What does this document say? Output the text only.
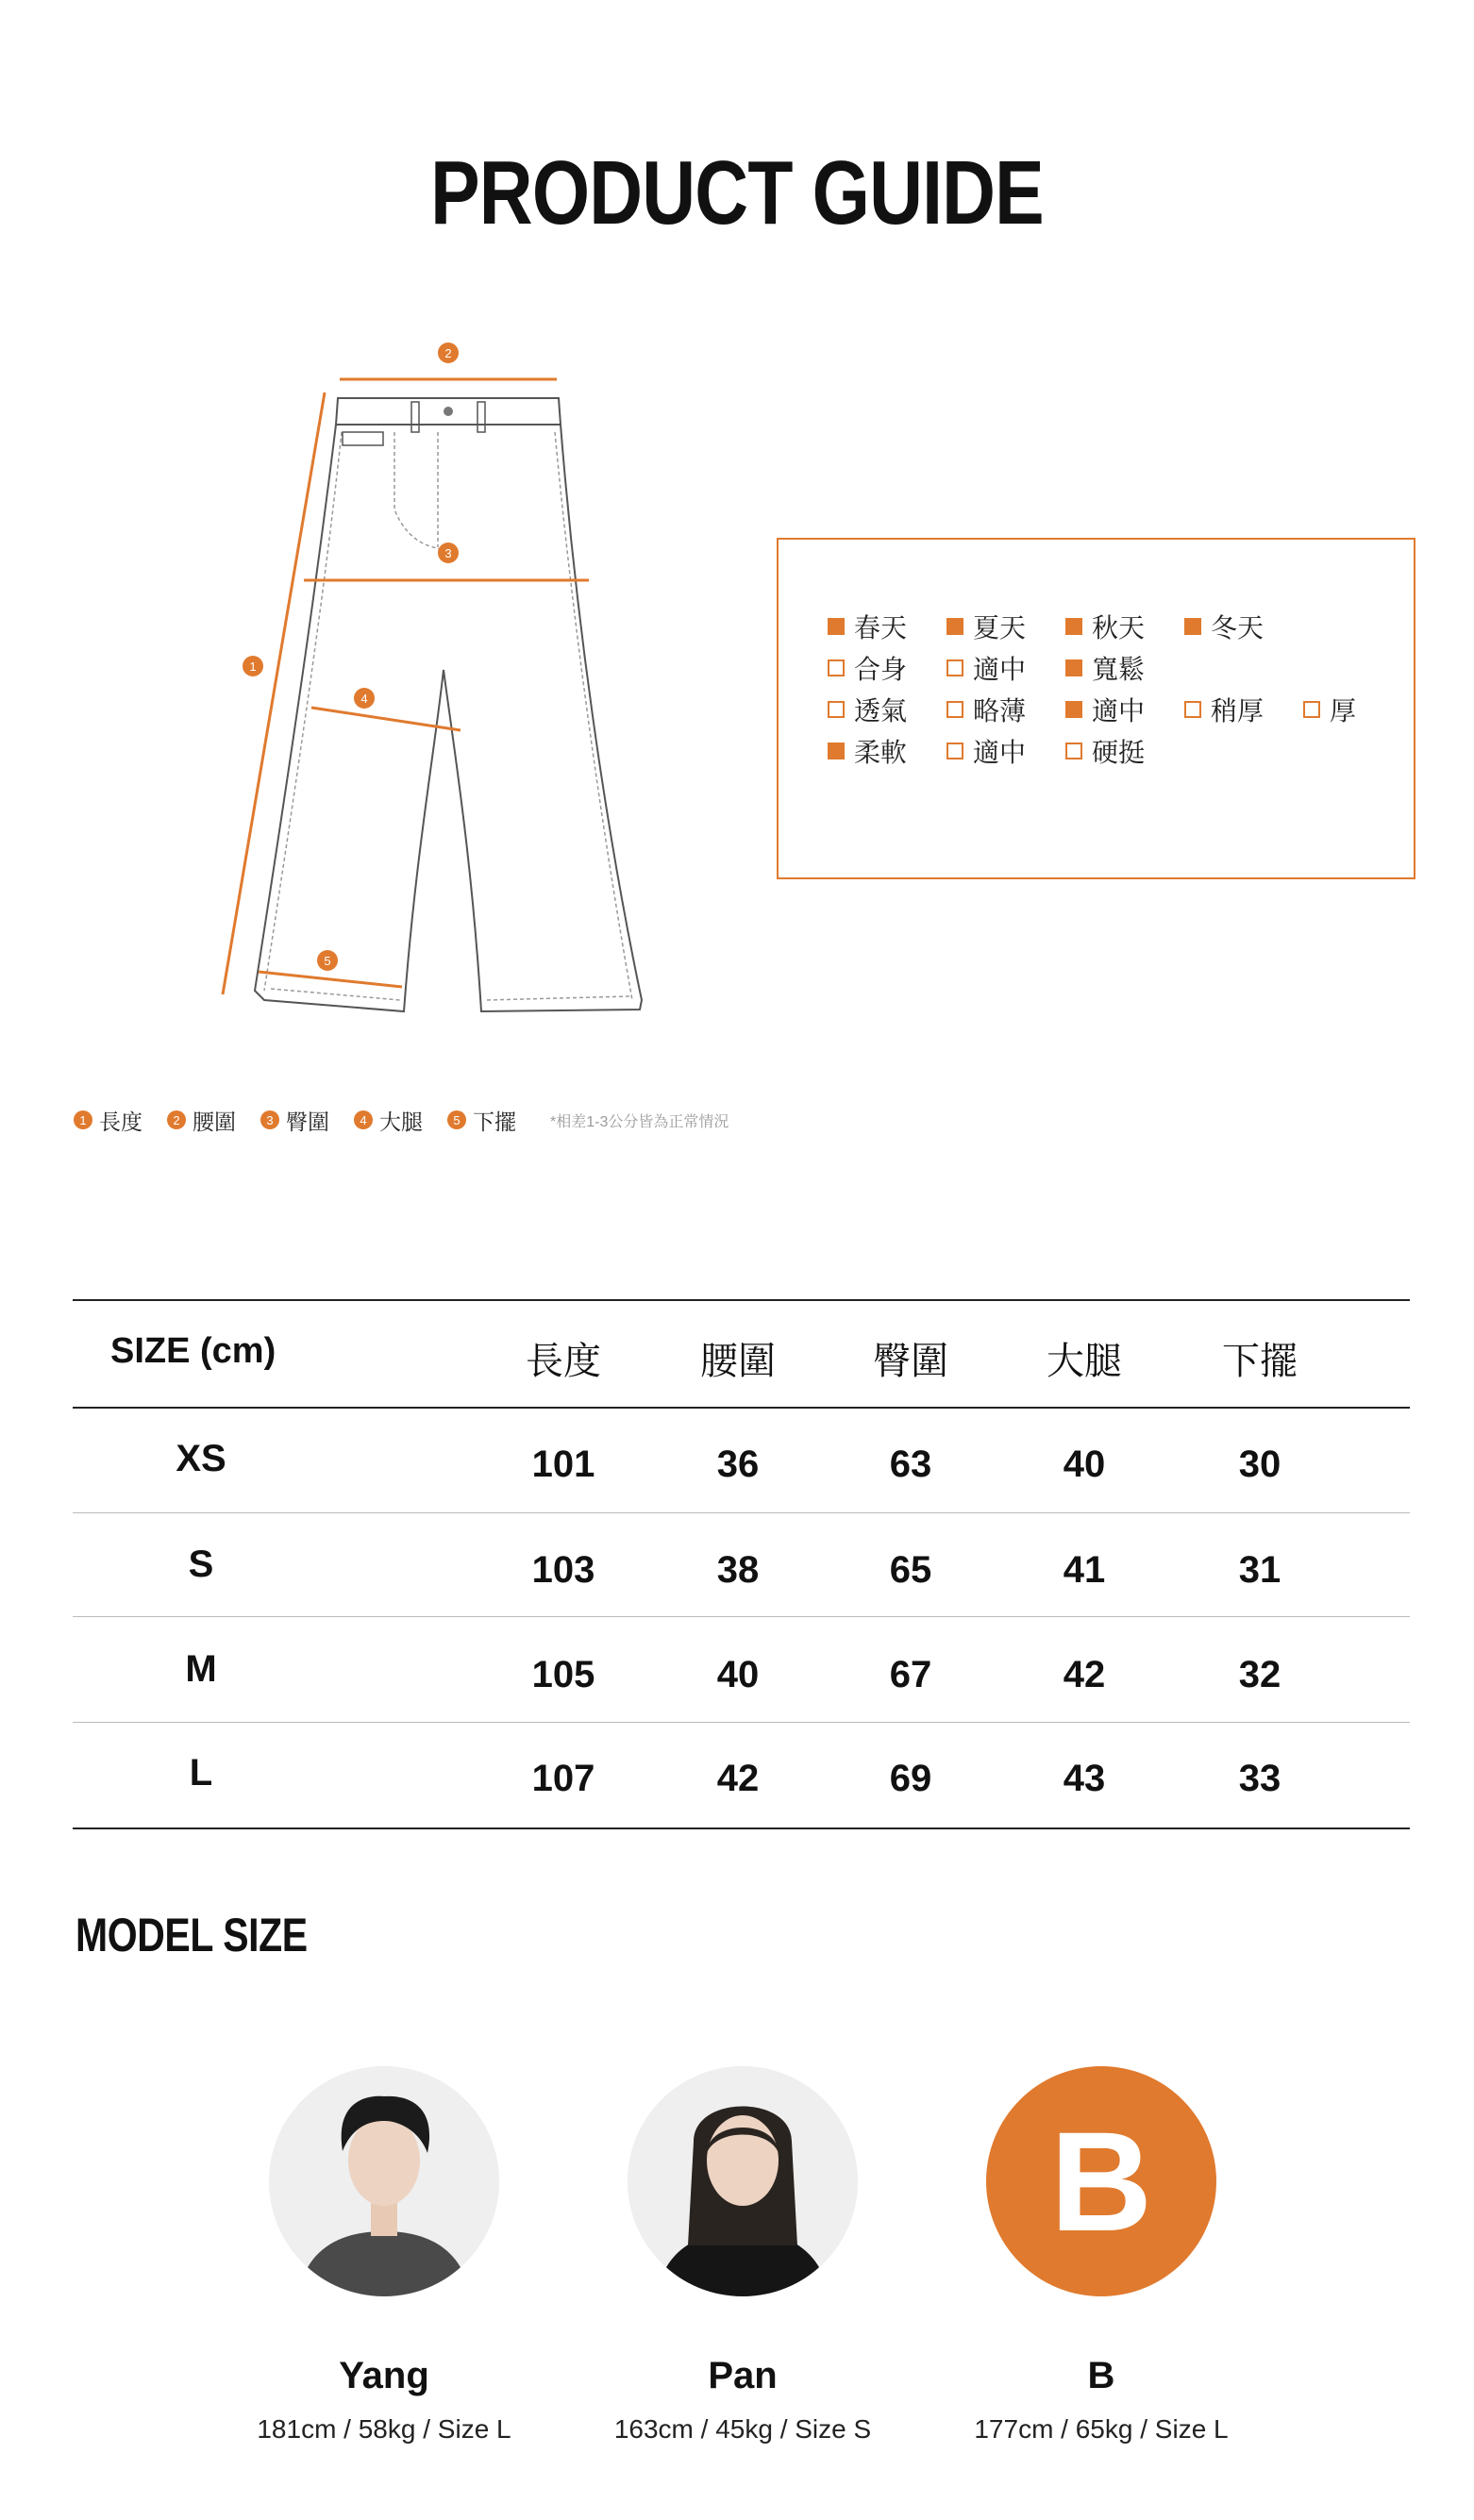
PRODUCT GUIDE
2
3
1
4
5
春天 夏天 秋天 冬天
合身 適中 寬鬆
透氣 略薄 適中 稍厚 厚
柔軟 適中 硬挺
1 長度	2 腰圍	3 臀圍	4 大腿	5 下擺 *相差1-3公分皆為正常情況
SIZE (cm)	長度	腰圍	臀圍	大腿	下擺
XS	101	36	63	40	30
S	103	38	65	41	31
M	105	40	67	42	32
L	107	42	69	43	33
MODEL SIZE
Yang
181cm / 58kg / Size L
Pan
163cm / 45kg / Size S
B
B
177cm / 65kg / Size L
